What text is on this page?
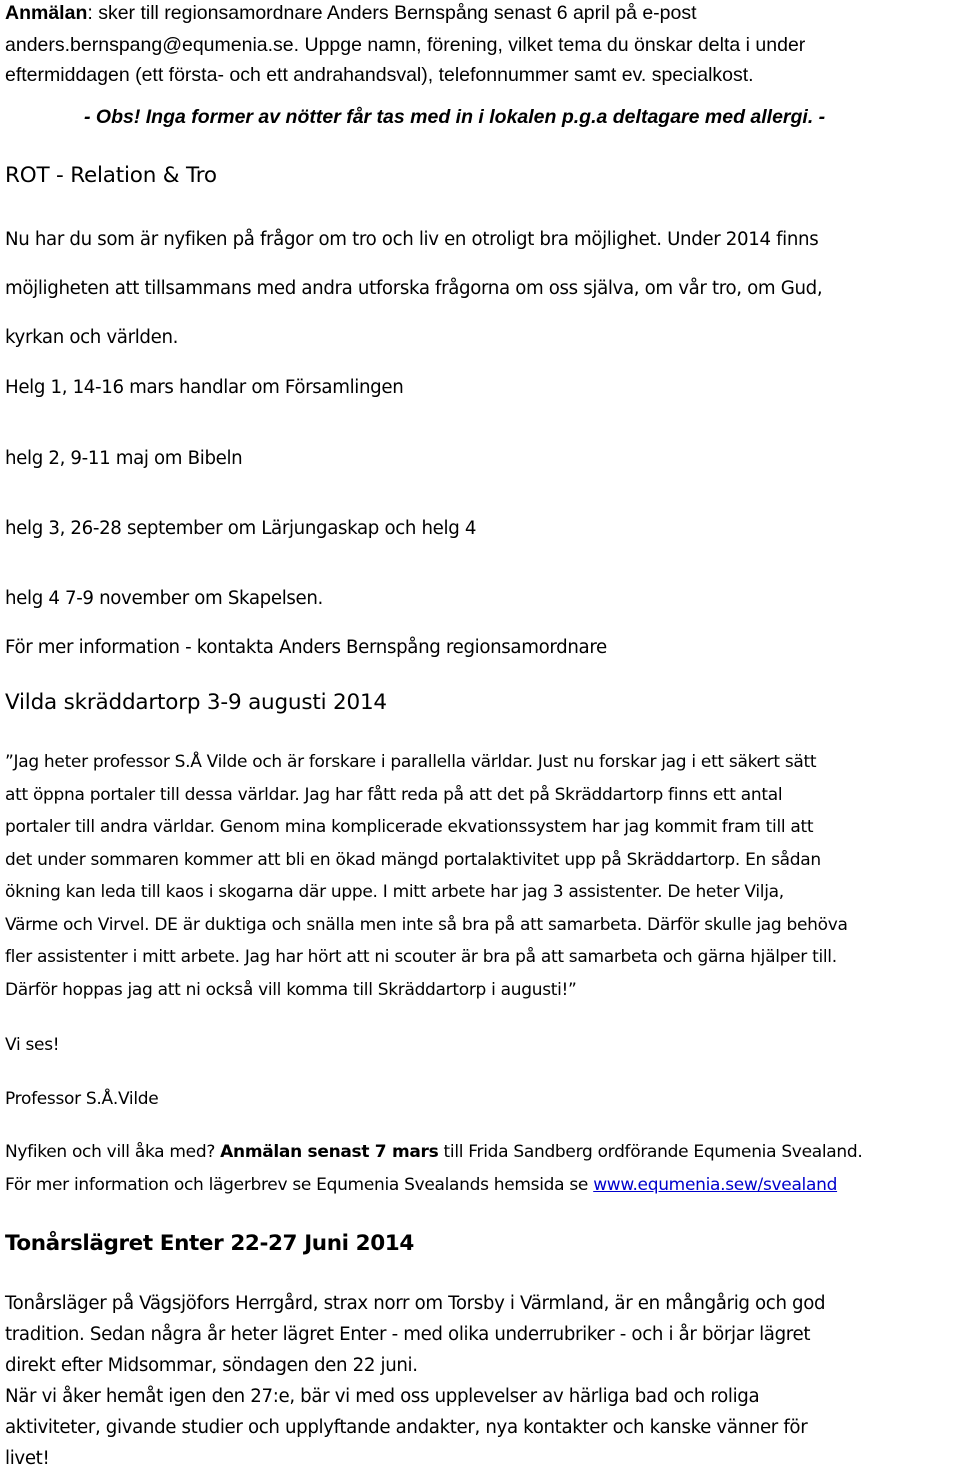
Anmälan: sker till regionsamordnare Anders Bernspång senast 6 april på e-post
anders.bernspang@equmenia.se. Uppge namn, förening, vilket tema du önskar delta i under
eftermiddagen (ett första- och ett andrahandsval), telefonnummer samt ev. specialkost.
- Obs! Inga former av nötter får tas med in i lokalen p.g.a deltagare med allergi. -
ROT - Relation & Tro
Nu har du som är nyfiken på frågor om tro och liv en otroligt bra möjlighet. Under 2014 finns
möjligheten att tillsammans med andra utforska frågorna om oss själva, om vår tro, om Gud,
kyrkan och världen.
Helg 1, 14-16 mars handlar om Församlingen
helg 2, 9-11 maj om Bibeln
helg 3, 26-28 september om Lärjungaskap och helg 4
helg 4 7-9 november om Skapelsen.
För mer information - kontakta Anders Bernspång regionsamordnare
Vilda skräddartorp 3-9 augusti 2014
”Jag heter professor S.Å Vilde och är forskare i parallella världar. Just nu forskar jag i ett säkert sätt
att öppna portaler till dessa världar. Jag har fått reda på att det på Skräddartorp finns ett antal
portaler till andra världar. Genom mina komplicerade ekvationssystem har jag kommit fram till att
det under sommaren kommer att bli en ökad mängd portalaktivitet upp på Skräddartorp. En sådan
ökning kan leda till kaos i skogarna där uppe. I mitt arbete har jag 3 assistenter. De heter Vilja,
Värme och Virvel. DE är duktiga och snälla men inte så bra på att samarbeta. Därför skulle jag behöva
fler assistenter i mitt arbete. Jag har hört att ni scouter är bra på att samarbeta och gärna hjälper till.
Därför hoppas jag att ni också vill komma till Skräddartorp i augusti!”
Vi ses!
Professor S.Å.Vilde
Nyfiken och vill åka med? Anmälan senast 7 mars till Frida Sandberg ordförande Equmenia Svealand.
För mer information och lägerbrev se Equmenia Svealands hemsida se www.equmenia.sew/svealand
Tonårslägret Enter 22-27 Juni 2014
Tonårsläger på Vägsjöfors Herrgård, strax norr om Torsby i Värmland, är en mångårig och god
tradition. Sedan några år heter lägret Enter - med olika underrubriker - och i år börjar lägret
direkt efter Midsommar, söndagen den 22 juni.
När vi åker hemåt igen den 27:e, bär vi med oss upplevelser av härliga bad och roliga
aktiviteter, givande studier och upplyftande andakter, nya kontakter och kanske vänner för
livet!
